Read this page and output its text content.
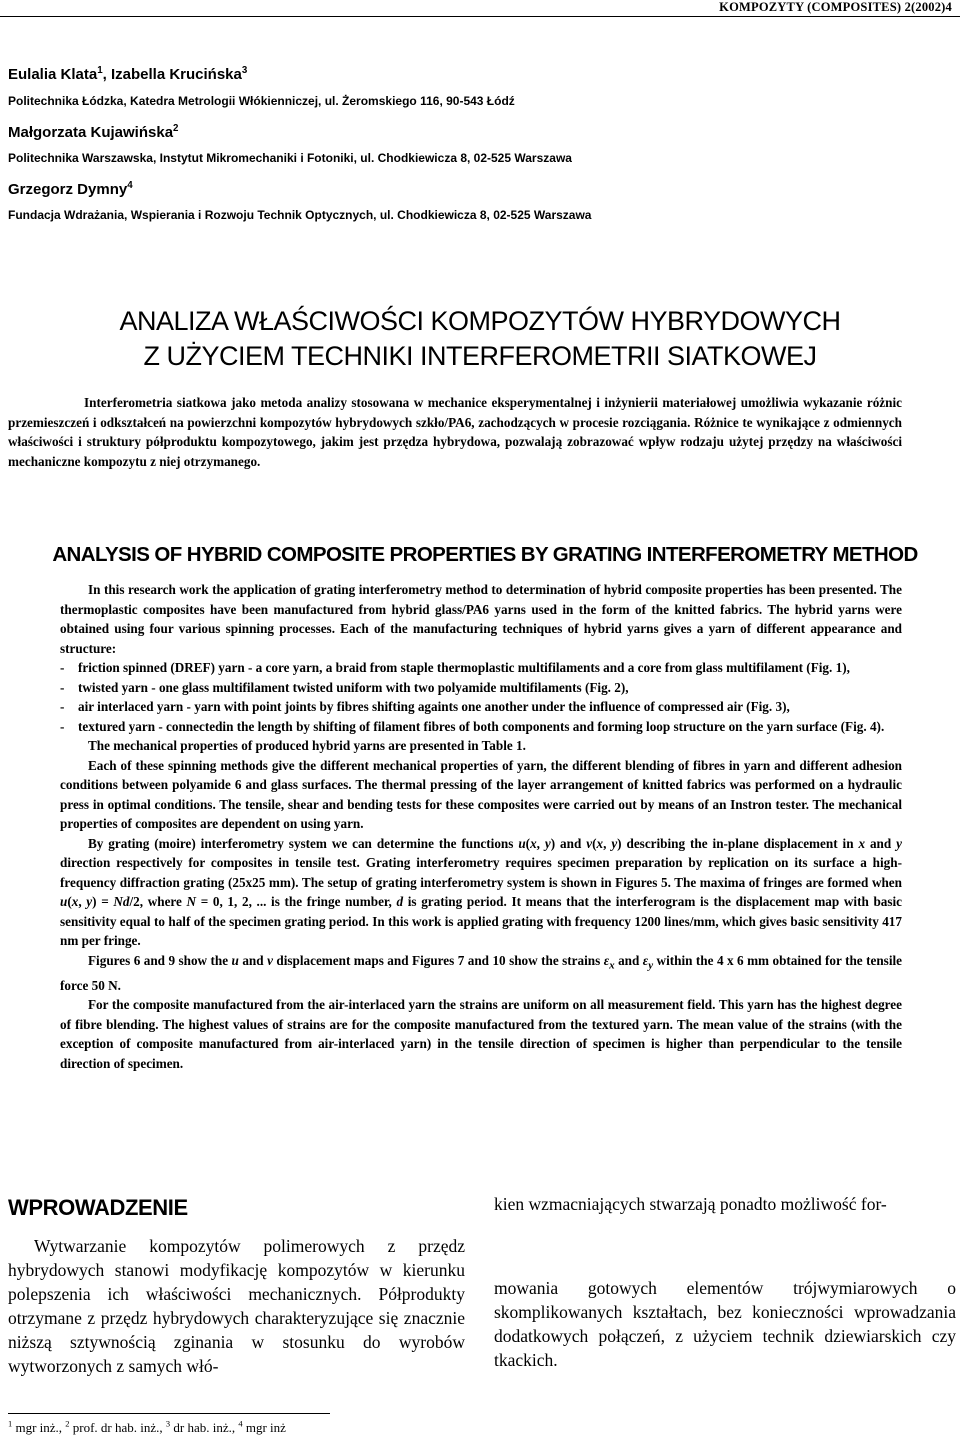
KOMPOZYTY (COMPOSITES) 2(2002)4
Eulalia Klata$^1$, Izabella Krucińska$^3$
Politechnika Łódzka, Katedra Metrologii Włókienniczej, ul. Żeromskiego 116, 90-543 Łódź
Małgorzata Kujawińska$^2$
Politechnika Warszawska, Instytut Mikromechaniki i Fotoniki, ul. Chodkiewicza 8, 02-525 Warszawa
Grzegorz Dymny$^4$
Fundacja Wdrażania, Wspierania i Rozwoju Technik Optycznych, ul. Chodkiewicza 8, 02-525 Warszawa
ANALIZA WŁAŚCIWOŚCI KOMPOZYTÓW HYBRYDOWYCH
Z UŻYCIEM TECHNIKI INTERFEROMETRII SIATKOWEJ

Interferometria siatkowa jako metoda analizy stosowana w mechanice eksperymentalnej i inżynierii materiałowej umożliwia wykazanie różnic przemieszczeń i odkształceń na powierzchni kompozytów hybrydowych szkło/PA6, zachodzących w procesie rozciągania. Różnice te wynikające z odmiennych właściwości i struktury półproduktu kompozytowego, jakim jest przędza hybrydowa, pozwalają zobrazować wpływ rodzaju użytej przędzy na właściwości mechaniczne kompozytu z niej otrzymanego.

ANALYSIS OF HYBRID COMPOSITE PROPERTIES BY GRATING INTERFEROMETRY METHOD

In this research work the application of grating interferometry method to determination of hybrid composite properties has been presented. The thermoplastic composites have been manufactured from hybrid glass/PA6 yarns used in the form of the knitted fabrics. The hybrid yarns were obtained using four various spinning processes. Each of the manufacturing techniques of hybrid yarns gives a yarn of different appearance and structure:

- friction spinned (DREF) yarn - a core yarn, a braid from staple thermoplastic multifilaments and a core from glass multifilament (Fig. 1),

- twisted yarn - one glass multifilament twisted uniform with two polyamide multifilaments (Fig. 2),

- air interlaced yarn - yarn with point joints by fibres shifting againts one another under the influence of compressed air (Fig. 3),

- textured yarn - connectedin the length by shifting of filament fibres of both components and forming loop structure on the yarn surface (Fig. 4).

The mechanical properties of produced hybrid yarns are presented in Table 1.

Each of these spinning methods give the different mechanical properties of yarn, the different blending of fibres in yarn and different adhesion conditions between polyamide 6 and glass surfaces. The thermal pressing of the layer arrangement of knitted fabrics was performed on a hydraulic press in optimal conditions. The tensile, shear and bending tests for these composites were carried out by means of an Instron tester. The mechanical properties of composites are dependent on using yarn.

By grating (moire) interferometry system we can determine the functions u(x, y) and v(x, y) describing the in-plane displacement in x and y direction respectively for composites in tensile test. Grating interferometry requires specimen preparation by replication on its surface a high-frequency diffraction grating (25x25 mm). The setup of grating interferometry system is shown in Figures 5. The maxima of fringes are formed when u(x, y) = Nd/2, where N = 0, 1, 2, ... is the fringe number, d is grating period. It means that the interferogram is the displacement map with basic sensitivity equal to half of the specimen grating period. In this work is applied grating with frequency 1200 lines/mm, which gives basic sensitivity 417 nm per fringe.

Figures 6 and 9 show the u and v displacement maps and Figures 7 and 10 show the strains $\varepsilon_x$ and $\varepsilon_y$ within the 4 x 6 mm obtained for the tensile force 50 N.

For the composite manufactured from the air-interlaced yarn the strains are uniform on all measurement field. This yarn has the highest degree of fibre blending. The highest values of strains are for the composite manufactured from the textured yarn. The mean value of the strains (with the exception of composite manufactured from air-interlaced yarn) in the tensile direction of specimen is higher than perpendicular to the tensile direction of specimen.

WPROWADZENIE

Wytwarzanie kompozytów polimerowych z przędz hybrydowych stanowi modyfikację kompozytów w kierunku polepszenia ich właściwości mechanicznych. Półprodukty otrzymane z przędz hybrydowych charakteryzujące się znacznie niższą sztywnością zginania w stosunku do wyrobów wytworzonych z samych włó-

kien wzmacniających stwarzają ponadto możliwość for-

mowania gotowych elementów trójwymiarowych o skomplikowanych kształtach, bez konieczności wprowadzania dodatkowych połączeń, z użyciem technik dziewiarskich czy tkackich.

$^1$ mgr inż., $^2$ prof. dr hab. inż., $^3$ dr hab. inż., $^4$ mgr inż
